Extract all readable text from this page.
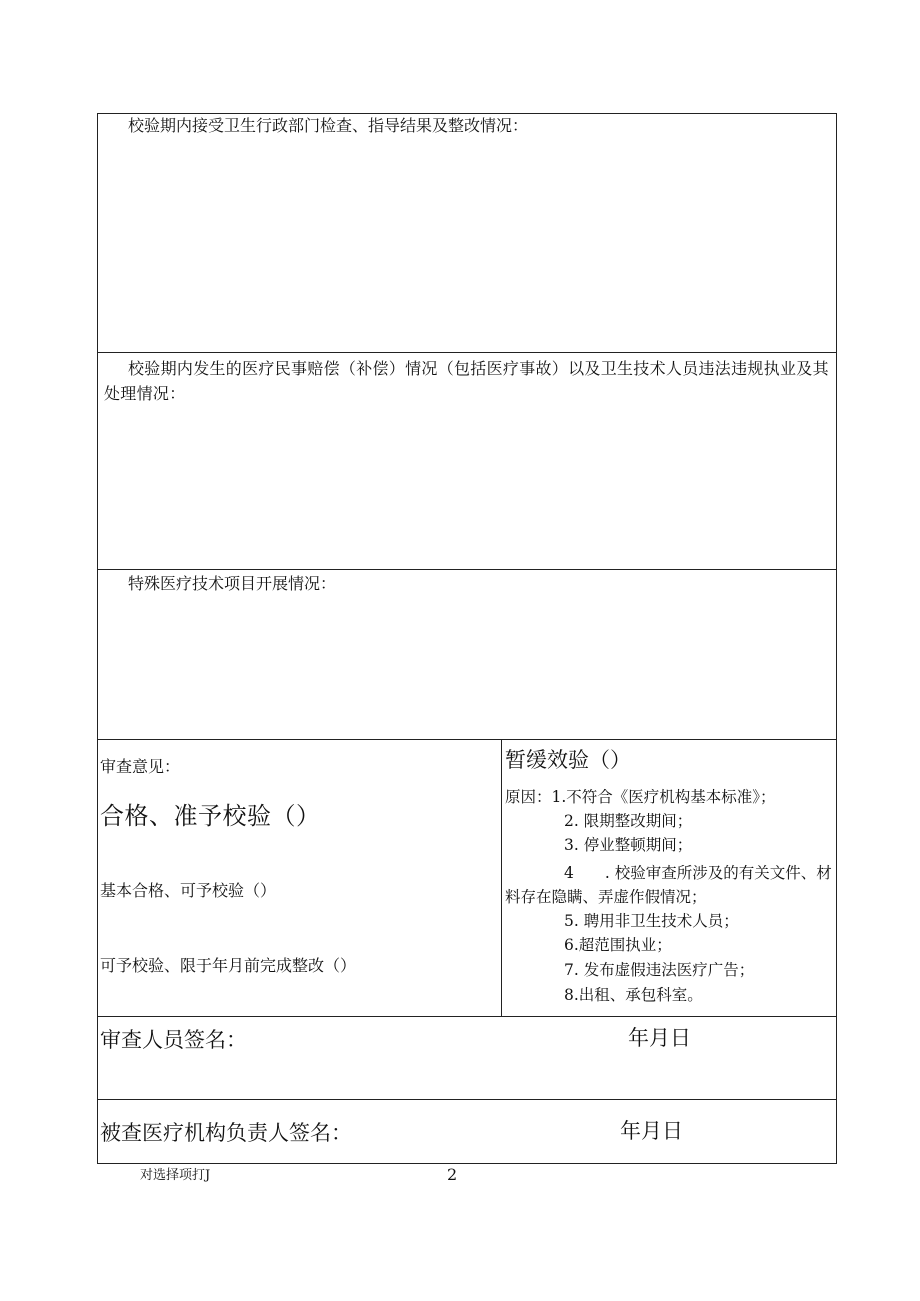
校验期内接受卫生行政部门检查、指导结果及整改情况：
校验期内发生的医疗民事赔偿（补偿）情况（包括医疗事故）以及卫生技术人员违法违规执业及其处理情况：
特殊医疗技术项目开展情况：
审查意见：
合格、准予校验（）
基本合格、可予校验（）
可予校验、限于年月前完成整改（）
暂缓效验（）
原因：1.不符合《医疗机构基本标准》；
2. 限期整改期间；
3. 停业整顿期间；
4　　. 校验审查所涉及的有关文件、材料存在隐瞒、弄虚作假情况；
5. 聘用非卫生技术人员；
6.超范围执业；
7. 发布虚假违法医疗广告；
8.出租、承包科室。
审查人员签名：	年月日
被查医疗机构负责人签名：	年月日
对选择项打J	2
